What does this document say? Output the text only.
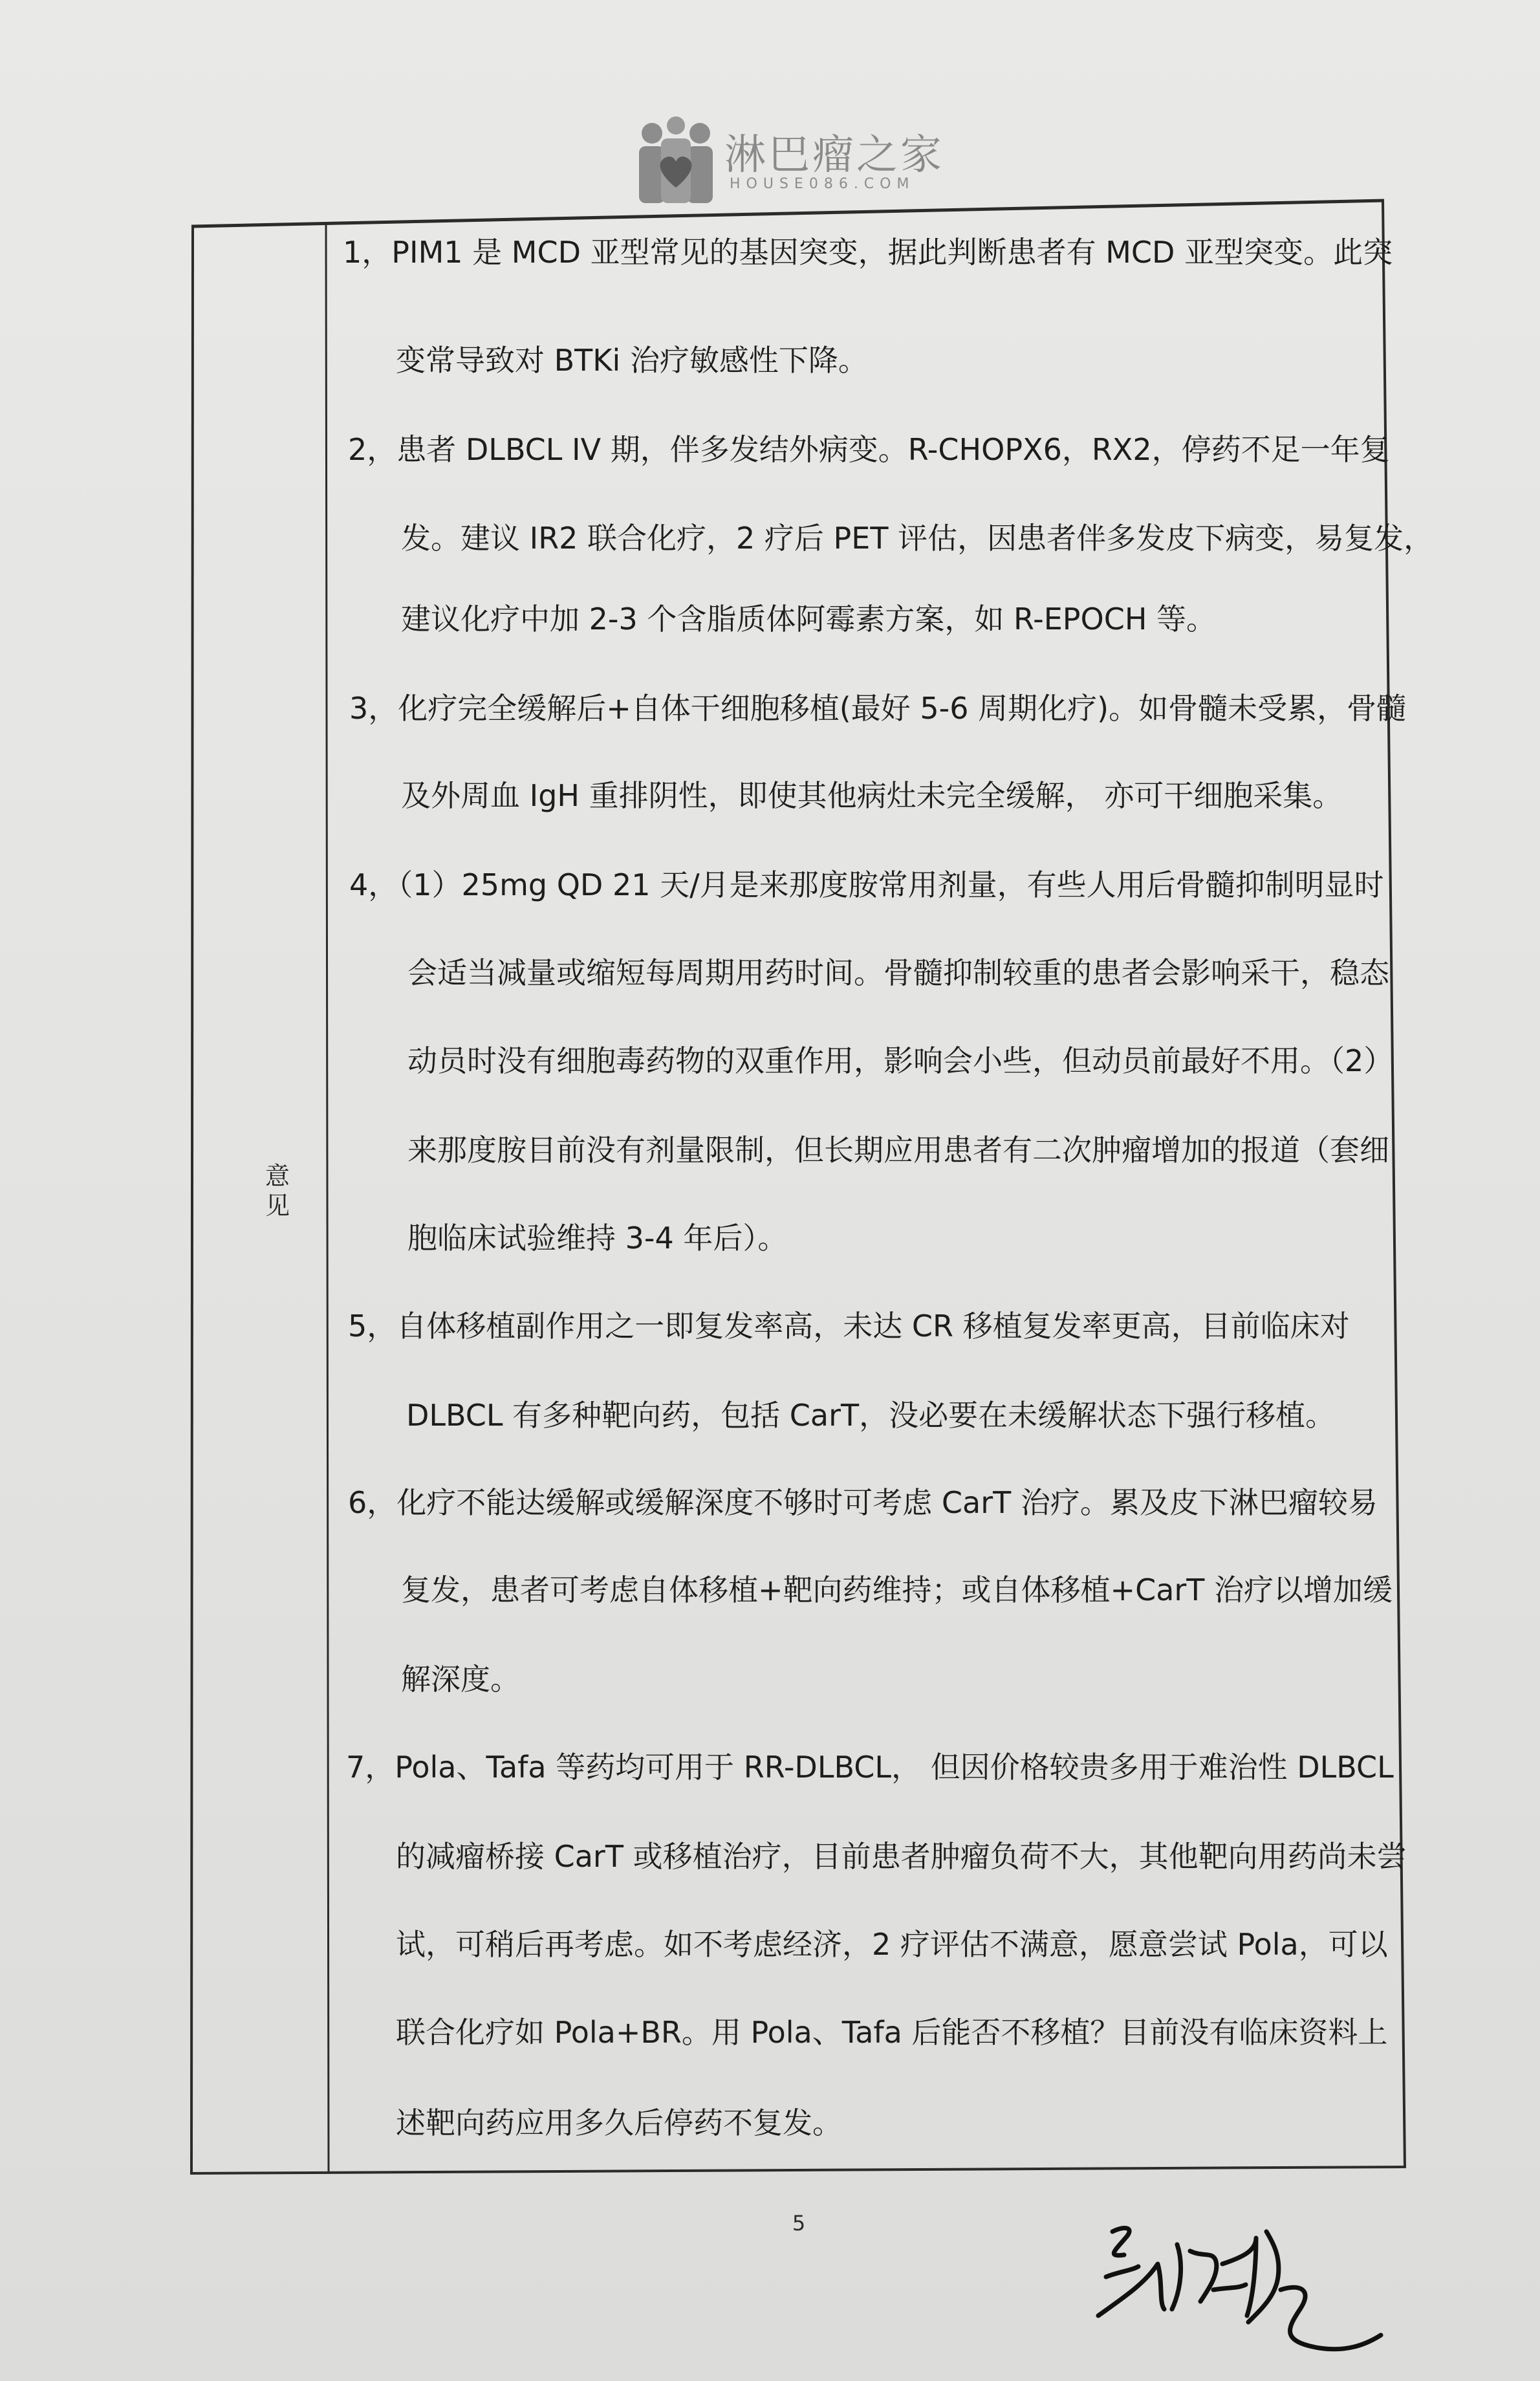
淋巴瘤之家
HOUSE086.COM
意见
1，PIM1 是 MCD 亚型常见的基因突变，据此判断患者有 MCD 亚型突变。此突
变常导致对 BTKi 治疗敏感性下降。
2，患者 DLBCL IV 期，伴多发结外病变。R-CHOPX6，RX2，停药不足一年复
发。建议 IR2 联合化疗，2 疗后 PET 评估，因患者伴多发皮下病变，易复发，
建议化疗中加 2-3 个含脂质体阿霉素方案，如 R-EPOCH 等。
3，化疗完全缓解后+自体干细胞移植(最好 5-6 周期化疗)。如骨髓未受累，骨髓
及外周血 IgH 重排阴性，即使其他病灶未完全缓解， 亦可干细胞采集。
4，（1）25mg QD 21 天/月是来那度胺常用剂量，有些人用后骨髓抑制明显时
会适当减量或缩短每周期用药时间。骨髓抑制较重的患者会影响采干，稳态
动员时没有细胞毒药物的双重作用，影响会小些，但动员前最好不用。（2）
来那度胺目前没有剂量限制，但长期应用患者有二次肿瘤增加的报道（套细
胞临床试验维持 3-4 年后）。
5，自体移植副作用之一即复发率高，未达 CR 移植复发率更高，目前临床对
DLBCL 有多种靶向药，包括 CarT，没必要在未缓解状态下强行移植。
6，化疗不能达缓解或缓解深度不够时可考虑 CarT 治疗。累及皮下淋巴瘤较易
复发，患者可考虑自体移植+靶向药维持；或自体移植+CarT 治疗以增加缓
解深度。
7，Pola、Tafa 等药均可用于 RR-DLBCL， 但因价格较贵多用于难治性 DLBCL
的减瘤桥接 CarT 或移植治疗，目前患者肿瘤负荷不大，其他靶向用药尚未尝
试，可稍后再考虑。如不考虑经济，2 疗评估不满意，愿意尝试 Pola，可以
联合化疗如 Pola+BR。用 Pola、Tafa 后能否不移植？目前没有临床资料上
述靶向药应用多久后停药不复发。
5
